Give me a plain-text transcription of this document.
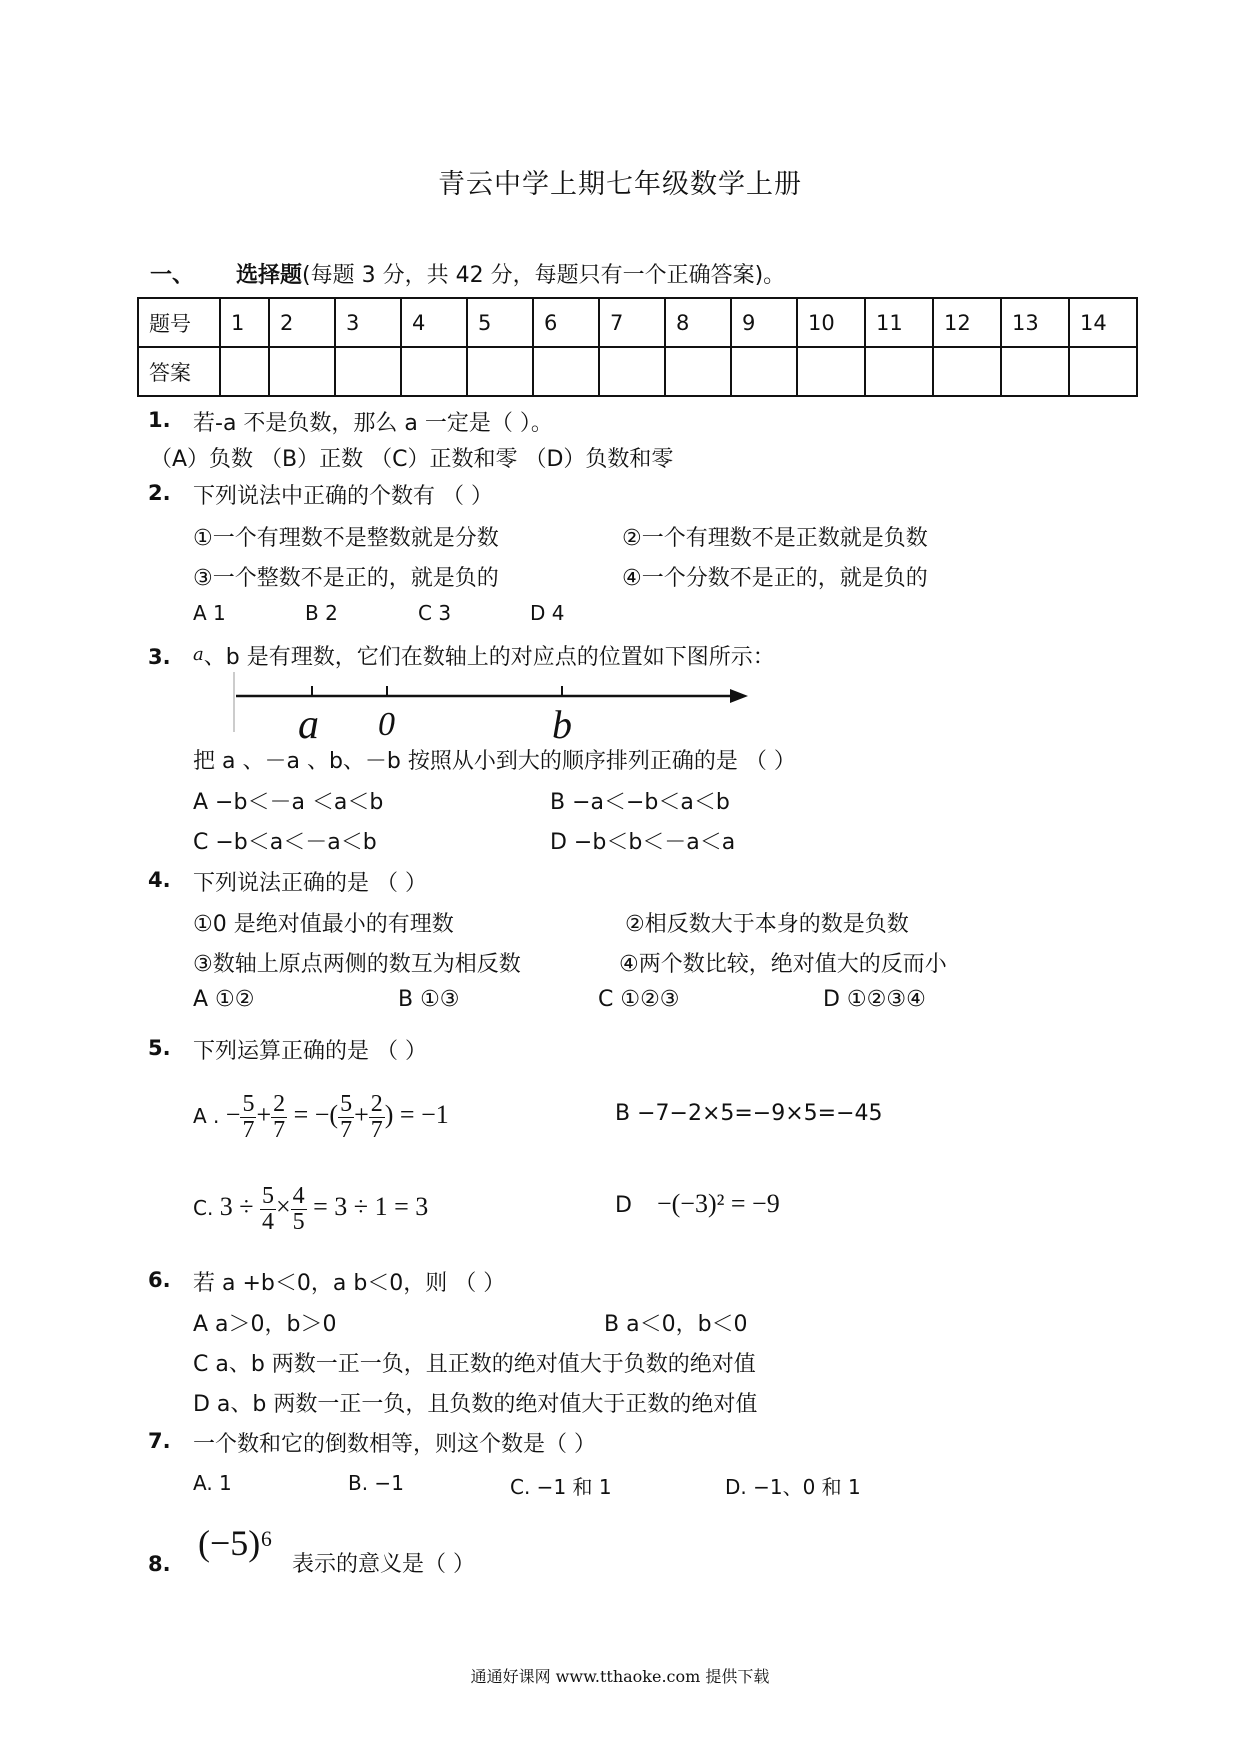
青云中学上期七年级数学上册
一、 选择题(每题 3 分，共 42 分，每题只有一个正确答案)。
题号	1	2	3	4	5	6	7	8	9	10	11	12	13	14
答案														
1. 若-a 不是负数，那么 a 一定是（ ）。
（A）负数 （B）正数 （C）正数和零 （D）负数和零
2. 下列说法中正确的个数有 （ ）
①一个有理数不是整数就是分数	②一个有理数不是正数就是负数
③一个整数不是正的，就是负的	④一个分数不是正的，就是负的
A 1	B 2	C 3	D 4
3. a、b 是有理数，它们在数轴上的对应点的位置如下图所示：
a 0	b
把 a 、－a 、b、－b 按照从小到大的顺序排列正确的是 （ ）
A −b＜－a ＜a＜b	B −a＜−b＜a＜b
C −b＜a＜－a＜b	D −b＜b＜－a＜a
4. 下列说法正确的是 （ ）
①0 是绝对值最小的有理数	②相反数大于本身的数是负数
③数轴上原点两侧的数互为相反数	④两个数比较，绝对值大的反而小
A ①②	B ①③	C ①②③	D ①②③④
5. 下列运算正确的是 （ ）
A . − $\frac{5}{7} + \frac{2}{7}$ = −( $\frac{5}{7} + \frac{2}{7}$ ) = −1	B −7−2×5=−9×5=−45
C. $3 \div \frac{5}{4} \times \frac{4}{5} = 3 \div 1 = 3$	D −(−3)² = −9
6. 若 a +b＜0，a b＜0，则 （ ）
A a＞0，b＞0	B a＜0，b＜0
C a、b 两数一正一负，且正数的绝对值大于负数的绝对值
D a、b 两数一正一负，且负数的绝对值大于正数的绝对值
7. 一个数和它的倒数相等，则这个数是（ ）
A. 1	B. −1	C. −1 和 1	D. −1、0 和 1
8.
(−5)⁶
表示的意义是（ ）
通通好课网 www.tthaoke.com 提供下载
